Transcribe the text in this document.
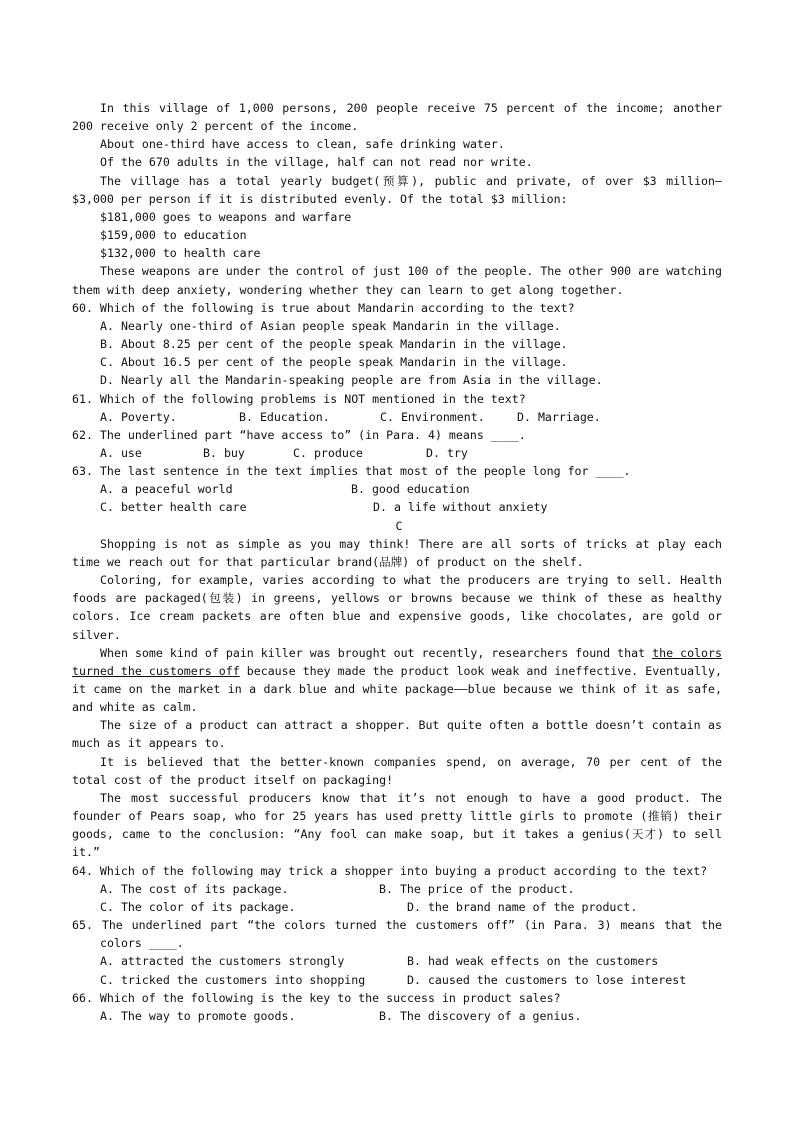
In this village of 1,000 persons, 200 people receive 75 percent of the income; another 200 receive only 2 percent of the income.

About one-third have access to clean, safe drinking water.

Of the 670 adults in the village, half can not read nor write.

The village has a total yearly budget(预算), public and private, of over $3 million—$3,000 per person if it is distributed evenly. Of the total $3 million:

$181,000 goes to weapons and warfare

$159,000 to education

$132,000 to health care

These weapons are under the control of just 100 of the people. The other 900 are watching them with deep anxiety, wondering whether they can learn to get along together.

60. Which of the following is true about Mandarin according to the text?

A. Nearly one-third of Asian people speak Mandarin in the village.

B. About 8.25 per cent of the people speak Mandarin in the village.

C. About 16.5 per cent of the people speak Mandarin in the village.

D. Nearly all the Mandarin-speaking people are from Asia in the village.

61. Which of the following problems is NOT mentioned in the text?

A. Poverty.	B. Education.	C. Environment.	D. Marriage.

62. The underlined part “have access to” (in Para. 4) means ____.

A. use	B. buy	C. produce	D. try

63. The last sentence in the text implies that most of the people long for ____.

A. a peaceful world	B. good education
C. better health care	D. a life without anxiety

C

Shopping is not as simple as you may think! There are all sorts of tricks at play each time we reach out for that particular brand(品牌) of product on the shelf.

Coloring, for example, varies according to what the producers are trying to sell. Health foods are packaged(包装) in greens, yellows or browns because we think of these as healthy colors. Ice cream packets are often blue and expensive goods, like chocolates, are gold or silver.

When some kind of pain killer was brought out recently, researchers found that the colors turned the customers off because they made the product look weak and ineffective. Eventually, it came on the market in a dark blue and white package——blue because we think of it as safe, and white as calm.

The size of a product can attract a shopper. But quite often a bottle doesn’t contain as much as it appears to.

It is believed that the better-known companies spend, on average, 70 per cent of the total cost of the product itself on packaging!

The most successful producers know that it’s not enough to have a good product. The founder of Pears soap, who for 25 years has used pretty little girls to promote (推销) their goods, came to the conclusion: “Any fool can make soap, but it takes a genius(天才) to sell it.”

64. Which of the following may trick a shopper into buying a product according to the text?

A. The cost of its package.	B. The price of the product.
C. The color of its package.	D. the brand name of the product.

65. The underlined part “the colors turned the customers off” (in Para. 3) means that the colors ____.

A. attracted the customers strongly	B. had weak effects on the customers
C. tricked the customers into shopping	D. caused the customers to lose interest

66. Which of the following is the key to the success in product sales?

A. The way to promote goods.	B. The discovery of a genius.
